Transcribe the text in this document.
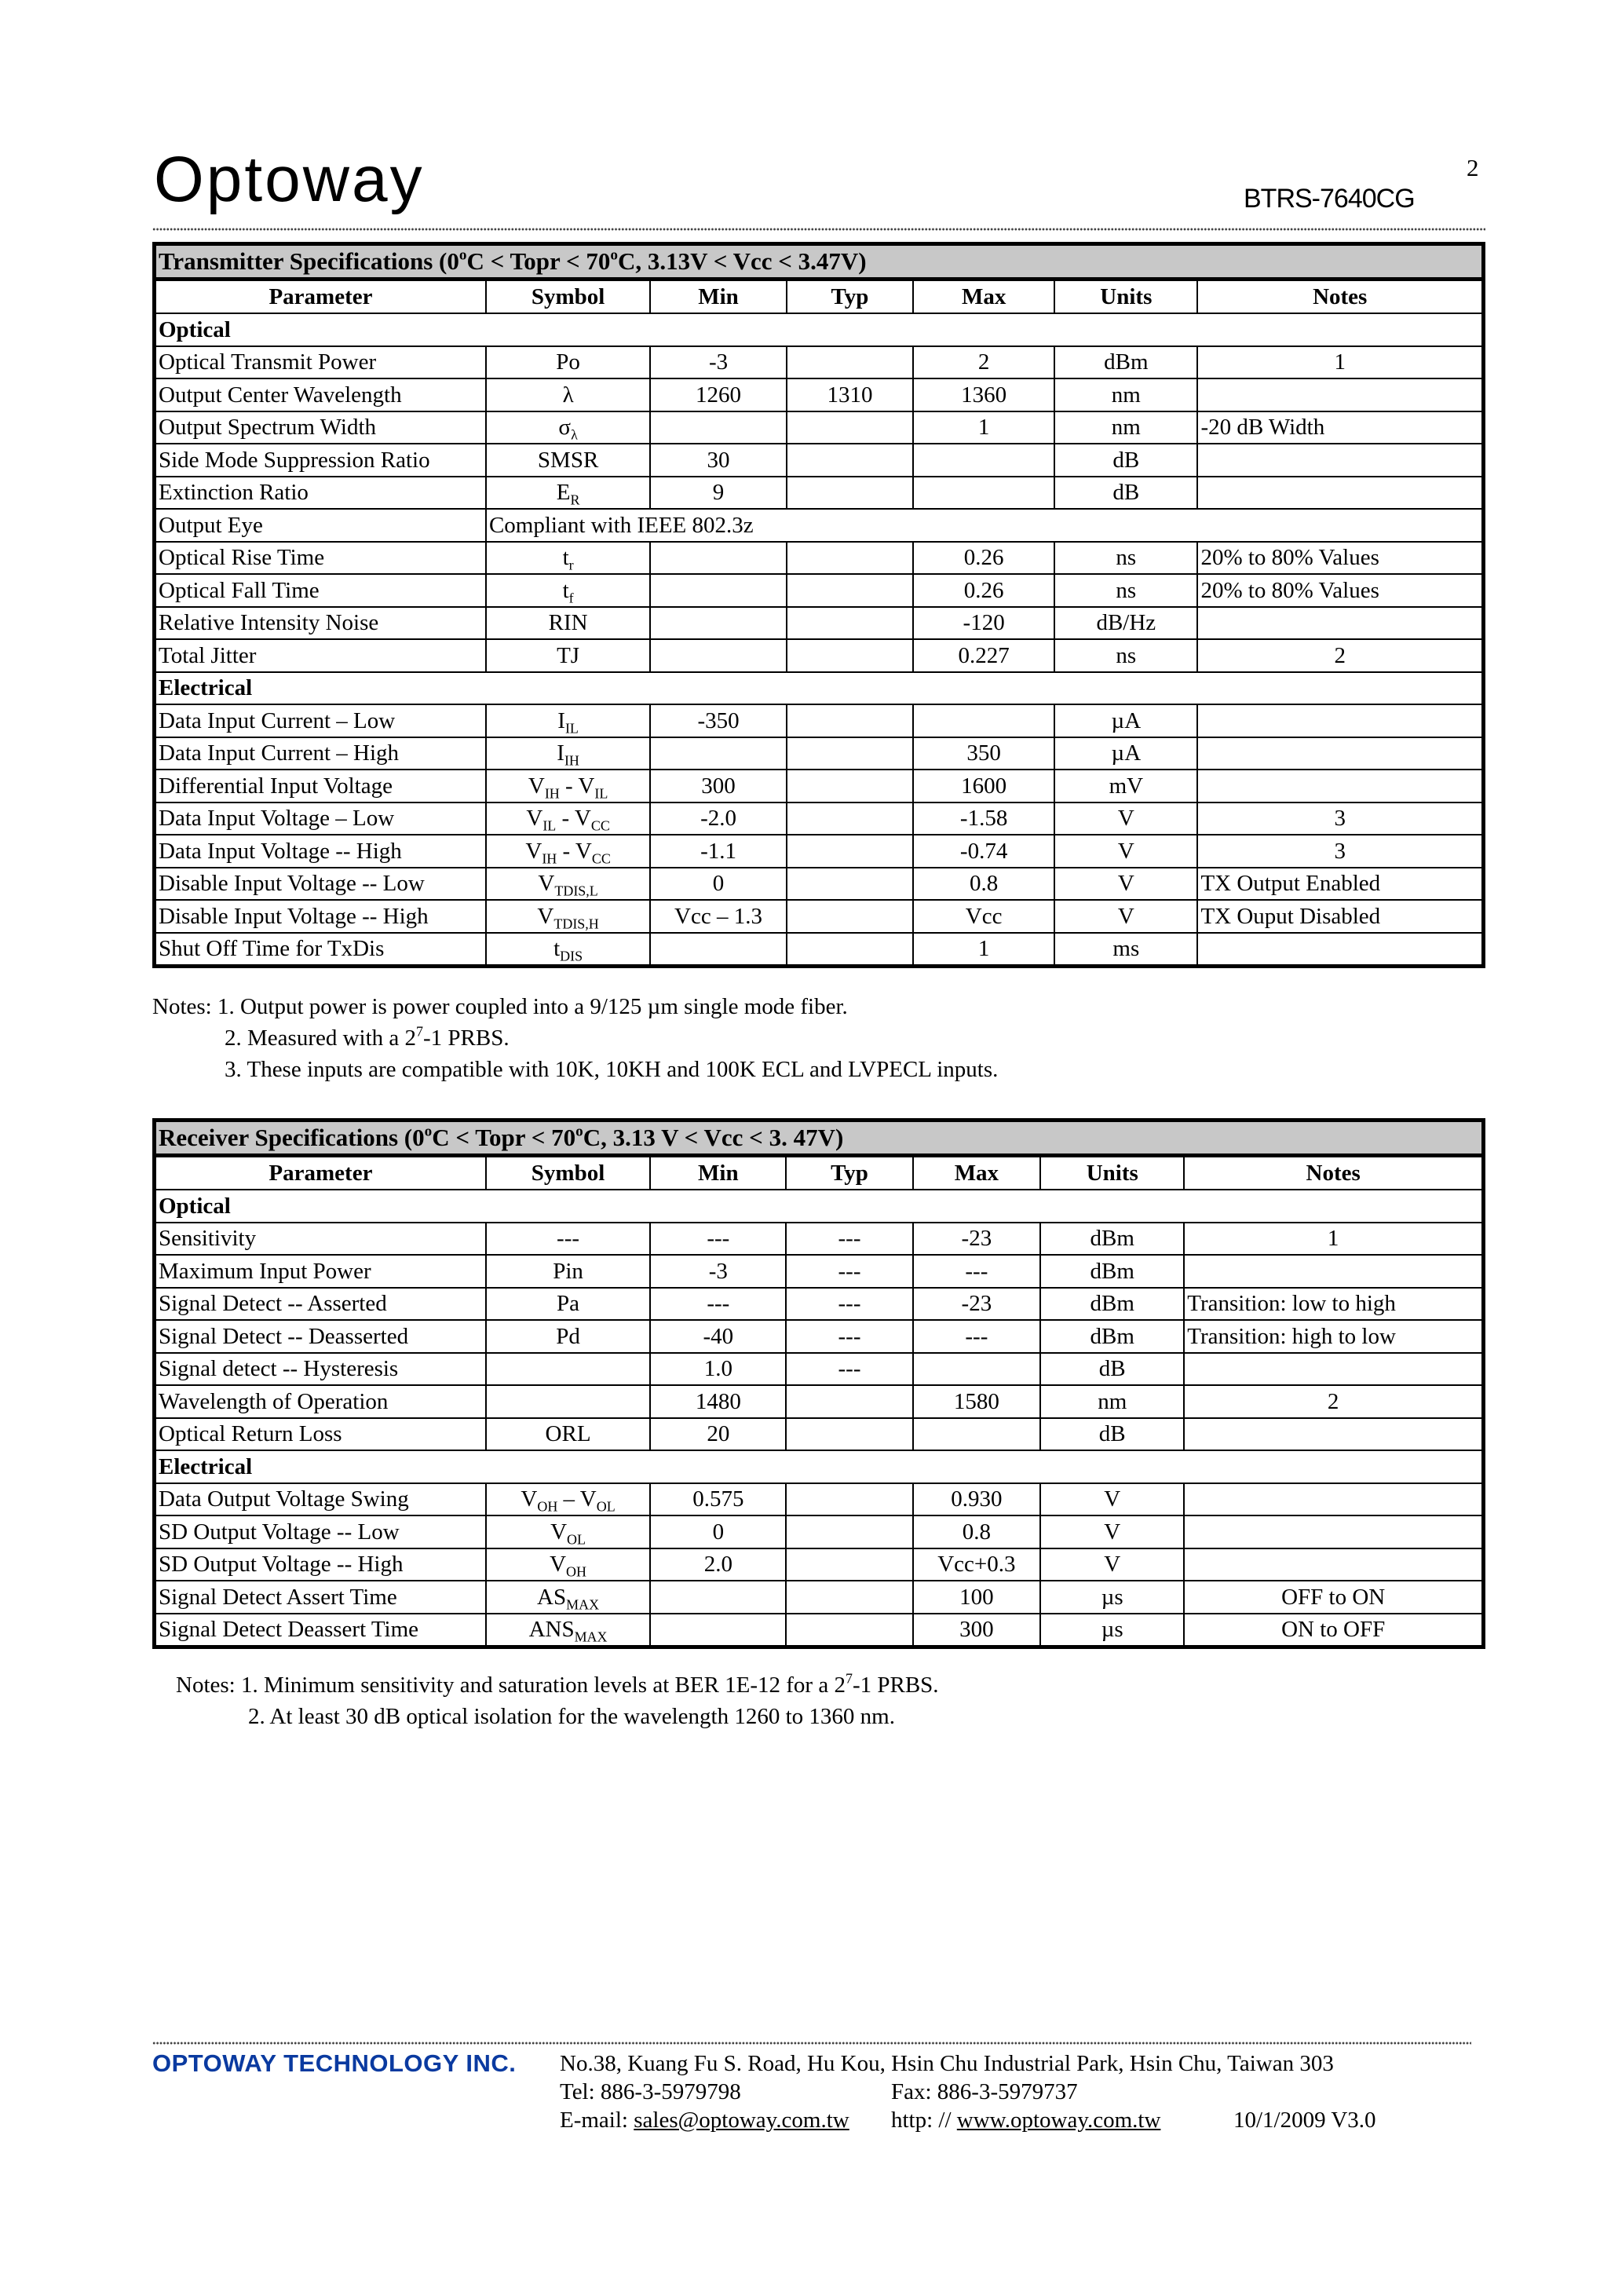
2
Optoway	BTRS-7640CG
Transmitter Specifications ($0^oC$ < Topr < $70^oC$, 3.13V < Vcc < 3.47V)						
Parameter	Symbol	Min	Typ	Max	Units	Notes
Optical						
Optical Transmit Power	Po	-3		2	dBm	1
Output Center Wavelength	λ	1260	1310	1360	nm	
Output Spectrum Width	$\sigma_\lambda$			1	nm	-20 dB Width
Side Mode Suppression Ratio	SMSR	30			dB	
Extinction Ratio	$E_R$	9			dB	
Output Eye	Compliant with IEEE 802.3z					
Optical Rise Time	$t_r$			0.26	ns	20% to 80% Values
Optical Fall Time	$t_f$			0.26	ns	20% to 80% Values
Relative Intensity Noise	RIN			-120	dB/Hz	
Total Jitter	TJ			0.227	ns	2
Electrical						
Data Input Current – Low	$I_{IL}$	-350			µA	
Data Input Current – High	$I_{IH}$			350	µA	
Differential Input Voltage	$V_{IH} - V_{IL}$	300		1600	mV	
Data Input Voltage – Low	$V_{IL} - V_{CC}$	-2.0		-1.58	V	3
Data Input Voltage -- High	$V_{IH} - V_{CC}$	-1.1		-0.74	V	3
Disable Input Voltage -- Low	$V_{TDIS,L}$	0		0.8	V	TX Output Enabled
Disable Input Voltage -- High	$V_{TDIS,H}$	Vcc – 1.3		Vcc	V	TX Ouput Disabled
Shut Off Time for TxDis	$t_{DIS}$			1	ms	
Notes: 1. Output power is power coupled into a 9/125 µm single mode fiber.
2. Measured with a $2^7-1$ PRBS.
3. These inputs are compatible with 10K, 10KH and 100K ECL and LVPECL inputs.
Receiver Specifications ($0^oC$ < Topr < $70^oC$, 3.13 V < Vcc < 3. 47V)						
Parameter	Symbol	Min	Typ	Max	Units	Notes
Optical						
Sensitivity	---	---	---	-23	dBm	1
Maximum Input Power	Pin	-3	---	---	dBm	
Signal Detect -- Asserted	Pa	---	---	-23	dBm	Transition: low to high
Signal Detect -- Deasserted	Pd	-40	---	---	dBm	Transition: high to low
Signal detect -- Hysteresis		1.0	---		dB	
Wavelength of Operation		1480		1580	nm	2
Optical Return Loss	ORL	20			dB	
Electrical						
Data Output Voltage Swing	$V_{OH} - V_{OL}$	0.575		0.930	V	
SD Output Voltage -- Low	$V_{OL}$	0		0.8	V	
SD Output Voltage -- High	$V_{OH}$	2.0		Vcc+0.3	V	
Signal Detect Assert Time	$AS_{MAX}$			100	µs	OFF to ON
Signal Detect Deassert Time	$ANS_{MAX}$			300	µs	ON to OFF
Notes: 1. Minimum sensitivity and saturation levels at BER 1E-12 for a $2^7-1$ PRBS.
2. At least 30 dB optical isolation for the wavelength 1260 to 1360 nm.
OPTOWAY TECHNOLOGY INC. No.38, Kuang Fu S. Road, Hu Kou, Hsin Chu Industrial Park, Hsin Chu, Taiwan 303
Tel: 886-3-5979798	Fax: 886-3-5979737
E-mail: sales@optoway.com.tw http: // www.optoway.com.tw	10/1/2009 V3.0
